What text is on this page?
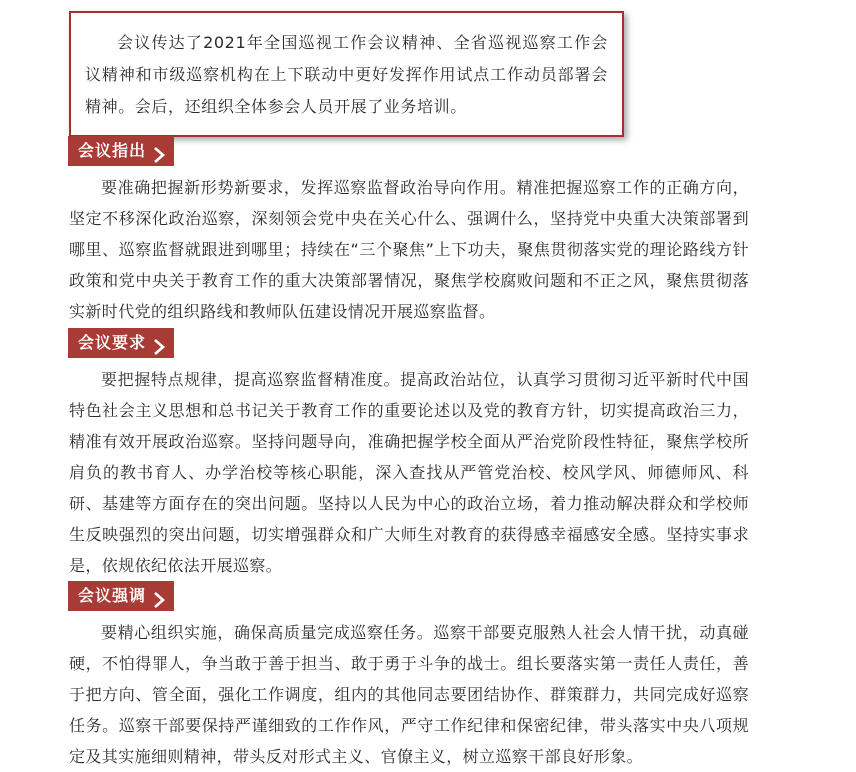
会议传达了2021年全国巡视工作会议精神、全省巡视巡察工作会议精神和市级巡察机构在上下联动中更好发挥作用试点工作动员部署会精神。会后，还组织全体参会人员开展了业务培训。

会议指出

要准确把握新形势新要求，发挥巡察监督政治导向作用。精准把握巡察工作的正确方向，坚定不移深化政治巡察，深刻领会党中央在关心什么、强调什么，坚持党中央重大决策部署到哪里、巡察监督就跟进到哪里；持续在“三个聚焦”上下功夫，聚焦贯彻落实党的理论路线方针政策和党中央关于教育工作的重大决策部署情况，聚焦学校腐败问题和不正之风，聚焦贯彻落实新时代党的组织路线和教师队伍建设情况开展巡察监督。

会议要求

要把握特点规律，提高巡察监督精准度。提高政治站位，认真学习贯彻习近平新时代中国特色社会主义思想和总书记关于教育工作的重要论述以及党的教育方针，切实提高政治三力，精准有效开展政治巡察。坚持问题导向，准确把握学校全面从严治党阶段性特征，聚焦学校所肩负的教书育人、办学治校等核心职能，深入查找从严管党治校、校风学风、师德师风、科研、基建等方面存在的突出问题。坚持以人民为中心的政治立场，着力推动解决群众和学校师生反映强烈的突出问题，切实增强群众和广大师生对教育的获得感幸福感安全感。坚持实事求是，依规依纪依法开展巡察。

会议强调

要精心组织实施，确保高质量完成巡察任务。巡察干部要克服熟人社会人情干扰，动真碰硬，不怕得罪人，争当敢于善于担当、敢于勇于斗争的战士。组长要落实第一责任人责任，善于把方向、管全面，强化工作调度，组内的其他同志要团结协作、群策群力，共同完成好巡察任务。巡察干部要保持严谨细致的工作作风，严守工作纪律和保密纪律，带头落实中央八项规定及其实施细则精神，带头反对形式主义、官僚主义，树立巡察干部良好形象。
